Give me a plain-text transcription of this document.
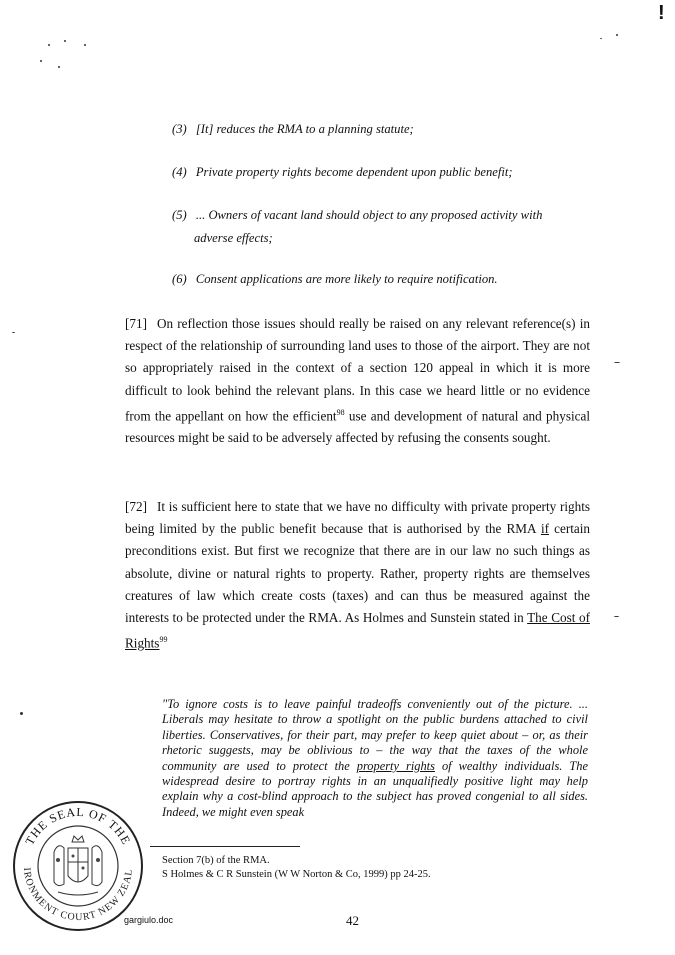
!
(3) [It] reduces the RMA to a planning statute;
(4) Private property rights become dependent upon public benefit;
(5) ... Owners of vacant land should object to any proposed activity with
adverse effects;
(6) Consent applications are more likely to require notification.
[71] On reflection those issues should really be raised on any relevant reference(s) in respect of the relationship of surrounding land uses to those of the airport. They are not so appropriately raised in the context of a section 120 appeal in which it is more difficult to look behind the relevant plans. In this case we heard little or no evidence from the appellant on how the efficient$^{98}$ use and development of natural and physical resources might be said to be adversely affected by refusing the consents sought.
[72] It is sufficient here to state that we have no difficulty with private property rights being limited by the public benefit because that is authorised by the RMA if certain preconditions exist. But first we recognize that there are in our law no such things as absolute, divine or natural rights to property. Rather, property rights are themselves creatures of law which create costs (taxes) and can thus be measured against the interests to be protected under the RMA. As Holmes and Sunstein stated in The Cost of Rights$^{99}$
"To ignore costs is to leave painful tradeoffs conveniently out of the picture. ... Liberals may hesitate to throw a spotlight on the public burdens attached to civil liberties. Conservatives, for their part, may prefer to keep quiet about – or, as their rhetoric suggests, may be oblivious to – the way that the taxes of the whole community are used to protect the property rights of wealthy individuals. The widespread desire to portray rights in an unqualifiedly positive light may help explain why a cost-blind approach to the subject has proved congenial to all sides. Indeed, we might even speak
Section 7(b) of the RMA.
S Holmes & C R Sunstein (W W Norton & Co, 1999) pp 24-25.
THE SEAL OF THE
IRONMENT COURT NEW ZEAL
gargiulo.doc	42
